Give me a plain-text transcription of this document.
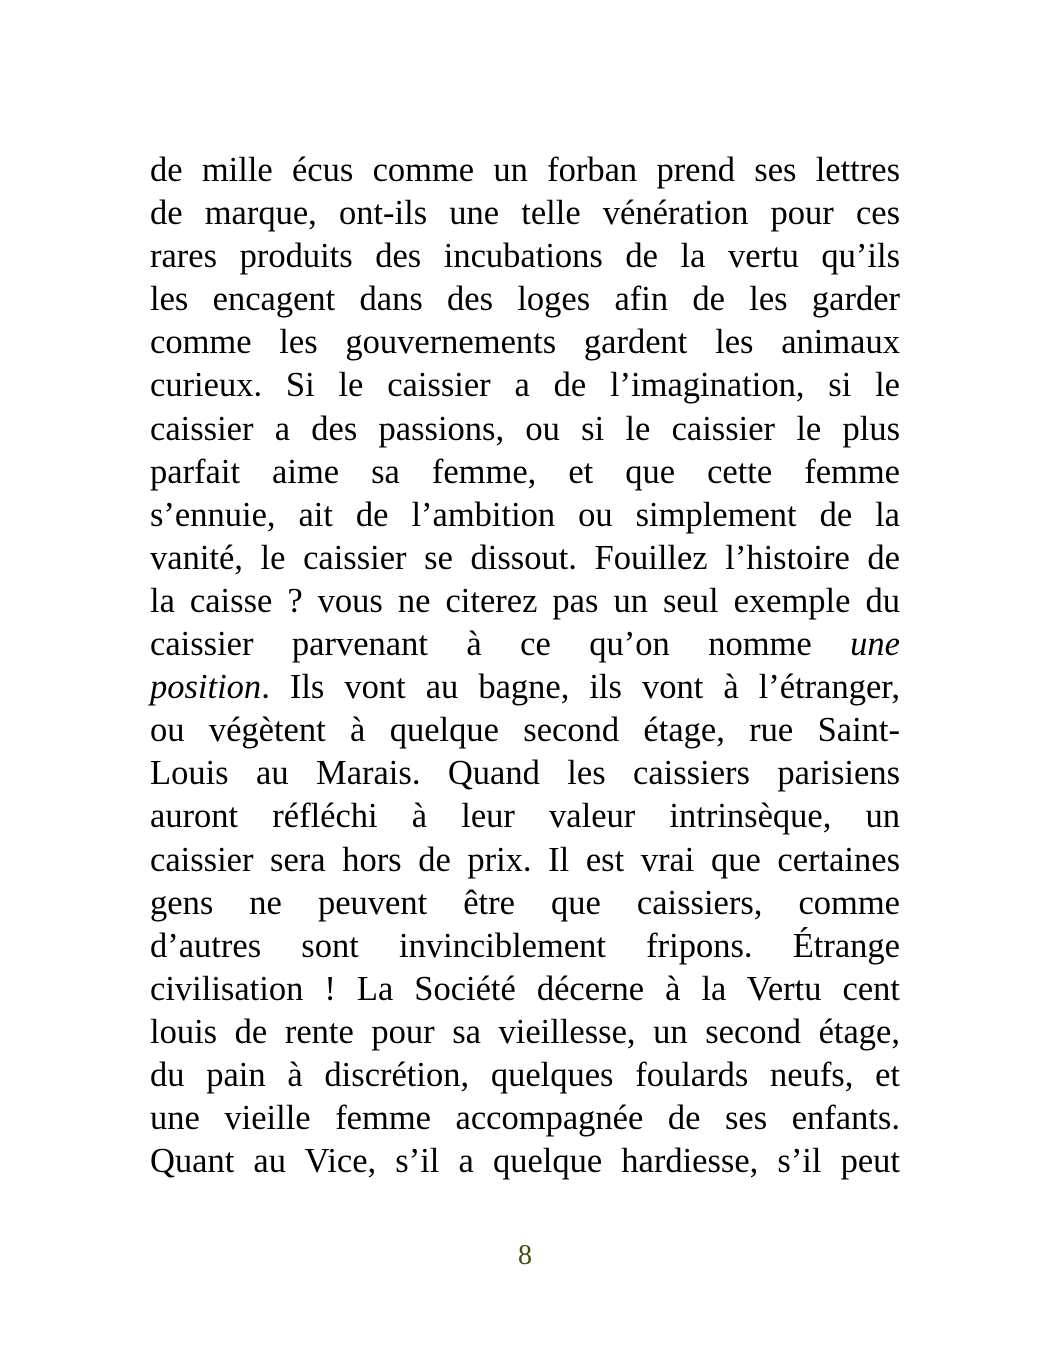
de mille écus comme un forban prend ses lettres
de marque, ont-ils une telle vénération pour ces
rares produits des incubations de la vertu qu’ils
les encagent dans des loges afin de les garder
comme les gouvernements gardent les animaux
curieux. Si le caissier a de l’imagination, si le
caissier a des passions, ou si le caissier le plus
parfait aime sa femme, et que cette femme
s’ennuie, ait de l’ambition ou simplement de la
vanité, le caissier se dissout. Fouillez l’histoire de
la caisse ? vous ne citerez pas un seul exemple du
caissier parvenant à ce qu’on nomme une
position. Ils vont au bagne, ils vont à l’étranger,
ou végètent à quelque second étage, rue Saint-
Louis au Marais. Quand les caissiers parisiens
auront réfléchi à leur valeur intrinsèque, un
caissier sera hors de prix. Il est vrai que certaines
gens ne peuvent être que caissiers, comme
d’autres sont invinciblement fripons. Étrange
civilisation ! La Société décerne à la Vertu cent
louis de rente pour sa vieillesse, un second étage,
du pain à discrétion, quelques foulards neufs, et
une vieille femme accompagnée de ses enfants.
Quant au Vice, s’il a quelque hardiesse, s’il peut
8
